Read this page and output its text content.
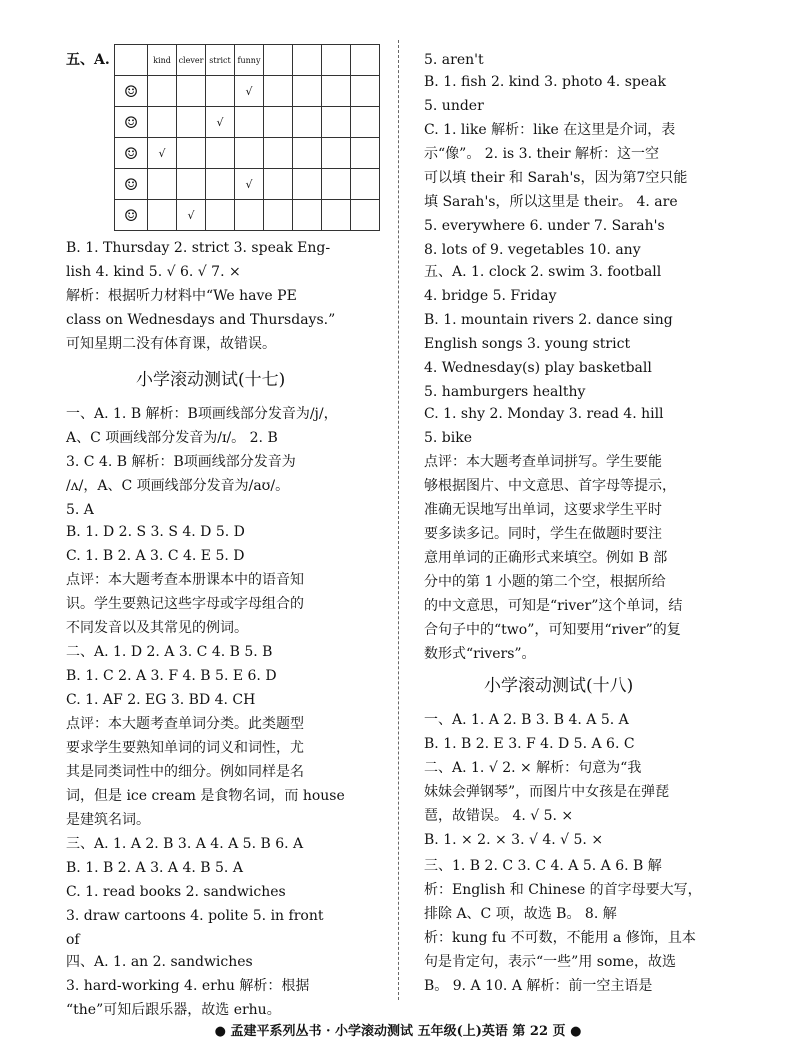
五、A.
B. 1. Thursday 2. strict 3. speak Eng-
lish 4. kind 5. √ 6. √ 7. ×
解析：根据听力材料中“We have PE
class on Wednesdays and Thursdays.”
可知星期二没有体育课，故错误。
一、A. 1. B 解析：B项画线部分发音为/j/，
A、C 项画线部分发音为/ɪ/。 2. B
3. C 4. B 解析：B项画线部分发音为
/ʌ/，A、C 项画线部分发音为/aʊ/。
5. A
B. 1. D 2. S 3. S 4. D 5. D
C. 1. B 2. A 3. C 4. E 5. D
点评：本大题考查本册课本中的语音知
识。学生要熟记这些字母或字母组合的
不同发音以及其常见的例词。
二、A. 1. D 2. A 3. C 4. B 5. B
B. 1. C 2. A 3. F 4. B 5. E 6. D
C. 1. AF 2. EG 3. BD 4. CH
点评：本大题考查单词分类。此类题型
要求学生要熟知单词的词义和词性，尤
其是同类词性中的细分。例如同样是名
词，但是 ice cream 是食物名词，而 house
是建筑名词。
三、A. 1. A 2. B 3. A 4. A 5. B 6. A
B. 1. B 2. A 3. A 4. B 5. A
C. 1. read books 2. sandwiches
3. draw cartoons 4. polite 5. in front
of
四、A. 1. an 2. sandwiches
3. hard-working 4. erhu 解析：根据
“the”可知后跟乐器，故选 erhu。
小学滚动测试(十七)
	kind	clever	strict	funny				
☺				√				
☺			√					
☺	√							
☺				√				
☺		√						
5. aren't
B. 1. fish 2. kind 3. photo 4. speak
5. under
C. 1. like 解析：like 在这里是介词，表
示“像”。 2. is 3. their 解析：这一空
可以填 their 和 Sarah's，因为第7空只能
填 Sarah's，所以这里是 their。 4. are
5. everywhere 6. under 7. Sarah's
8. lots of 9. vegetables 10. any
五、A. 1. clock 2. swim 3. football
4. bridge 5. Friday
B. 1. mountain rivers 2. dance sing
English songs 3. young strict
4. Wednesday(s) play basketball
5. hamburgers healthy
C. 1. shy 2. Monday 3. read 4. hill
5. bike
点评：本大题考查单词拼写。学生要能
够根据图片、中文意思、首字母等提示，
准确无误地写出单词，这要求学生平时
要多读多记。同时，学生在做题时要注
意用单词的正确形式来填空。例如 B 部
分中的第 1 小题的第二个空，根据所给
的中文意思，可知是“river”这个单词，结
合句子中的“two”，可知要用“river”的复
数形式“rivers”。
一、A. 1. A 2. B 3. B 4. A 5. A
B. 1. B 2. E 3. F 4. D 5. A 6. C
二、A. 1. √ 2. × 解析：句意为“我
妹妹会弹钢琴”，而图片中女孩是在弹琵
琶，故错误。 4. √ 5. ×
B. 1. × 2. × 3. √ 4. √ 5. ×
三、1. B 2. C 3. C 4. A 5. A 6. B 解
析：English 和 Chinese 的首字母要大写，
排除 A、C 项，故选 B。 8. 解
析：kung fu 不可数，不能用 a 修饰，且本
句是肯定句，表示“一些”用 some，故选
B。 9. A 10. A 解析：前一空主语是
小学滚动测试(十八)
● 孟建平系列丛书 · 小学滚动测试 五年级(上)英语 第 22 页 ●
